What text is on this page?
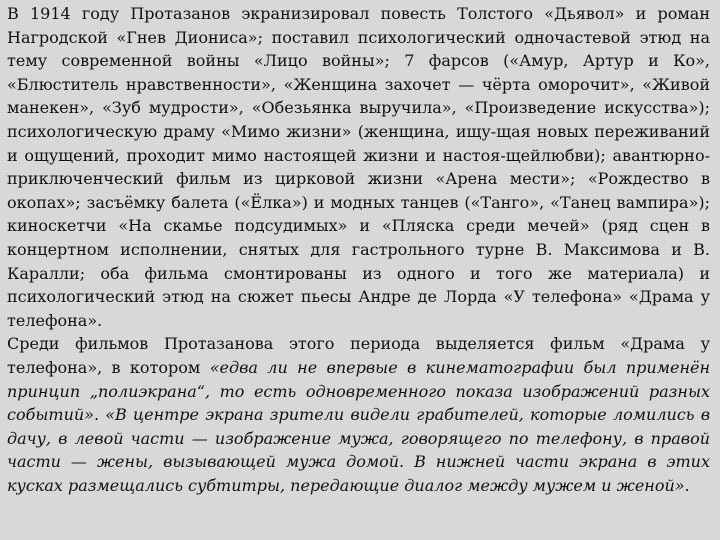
В 1914 году Протазанов экранизировал повесть Толстого «Дьявол» и роман Нагродской «Гнев Диониса»; поставил психологический одночастевой этюд на тему современной войны «Лицо войны»; 7 фарсов («Амур, Артур и Ко», «Блюститель нравственности», «Женщина захочет — чёрта оморочит», «Живой манекен», «Зуб мудрости», «Обезьянка выручила», «Произведение искусства»); психологическую драму «Мимо жизни» (женщина, ищу-щая новых переживаний и ощущений, проходит мимо настоящей жизни и настоя-щейлюбви); авантюрно-приключенческий фильм из цирковой жизни «Арена мести»; «Рождество в окопах»; засъёмку балета («Ёлка») и модных танцев («Танго», «Танец вампира»); киноскетчи «На скамье подсудимых» и «Пляска среди мечей» (ряд сцен в концертном исполнении, снятых для гастрольного турне В. Максимова и В. Каралли; оба фильма смонтированы из одного и того же материала) и психологический этюд на сюжет пьесы Андре де Лорда «У телефона» «Драма у телефона».

Среди фильмов Протазанова этого периода выделяется фильм «Драма у телефона», в котором «едва ли не впервые в кинематографии был применён принцип „полиэкрана“, то есть одновременного показа изображений разных событий». «В центре экрана зрители видели грабителей, которые ломились в дачу, в левой части — изображение мужа, говорящего по телефону, в правой части — жены, вызывающей мужа домой. В нижней части экрана в этих кусках размещались субтитры, передающие диалог между мужем и женой».
